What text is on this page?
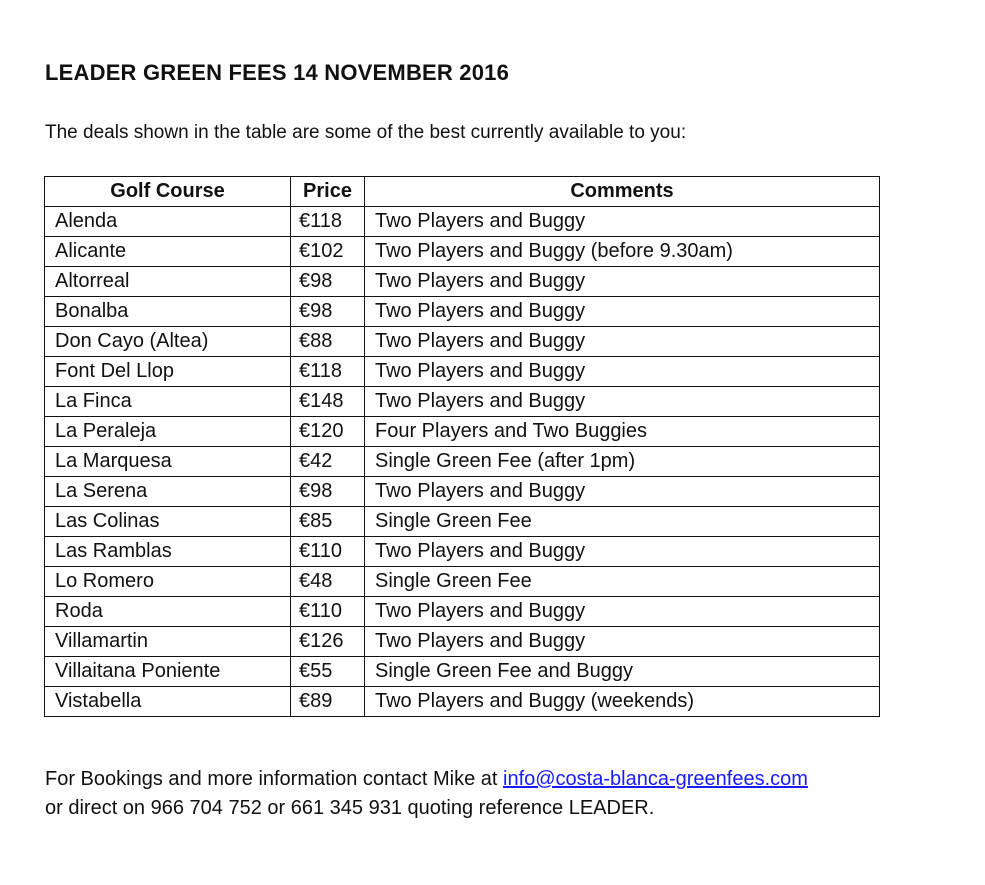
LEADER GREEN FEES 14 NOVEMBER 2016
The deals shown in the table are some of the best currently available to you:
Golf Course	Price	Comments
Alenda	€118	Two Players and Buggy
Alicante	€102	Two Players and Buggy (before 9.30am)
Altorreal	€98	Two Players and Buggy
Bonalba	€98	Two Players and Buggy
Don Cayo (Altea)	€88	Two Players and Buggy
Font Del Llop	€118	Two Players and Buggy
La Finca	€148	Two Players and Buggy
La Peraleja	€120	Four Players and Two Buggies
La Marquesa	€42	Single Green Fee (after 1pm)
La Serena	€98	Two Players and Buggy
Las Colinas	€85	Single Green Fee
Las Ramblas	€110	Two Players and Buggy
Lo Romero	€48	Single Green Fee
Roda	€110	Two Players and Buggy
Villamartin	€126	Two Players and Buggy
Villaitana Poniente	€55	Single Green Fee and Buggy
Vistabella	€89	Two Players and Buggy (weekends)
For Bookings and more information contact Mike at info@costa-blanca-greenfees.com
or direct on 966 704 752 or 661 345 931 quoting reference LEADER.
